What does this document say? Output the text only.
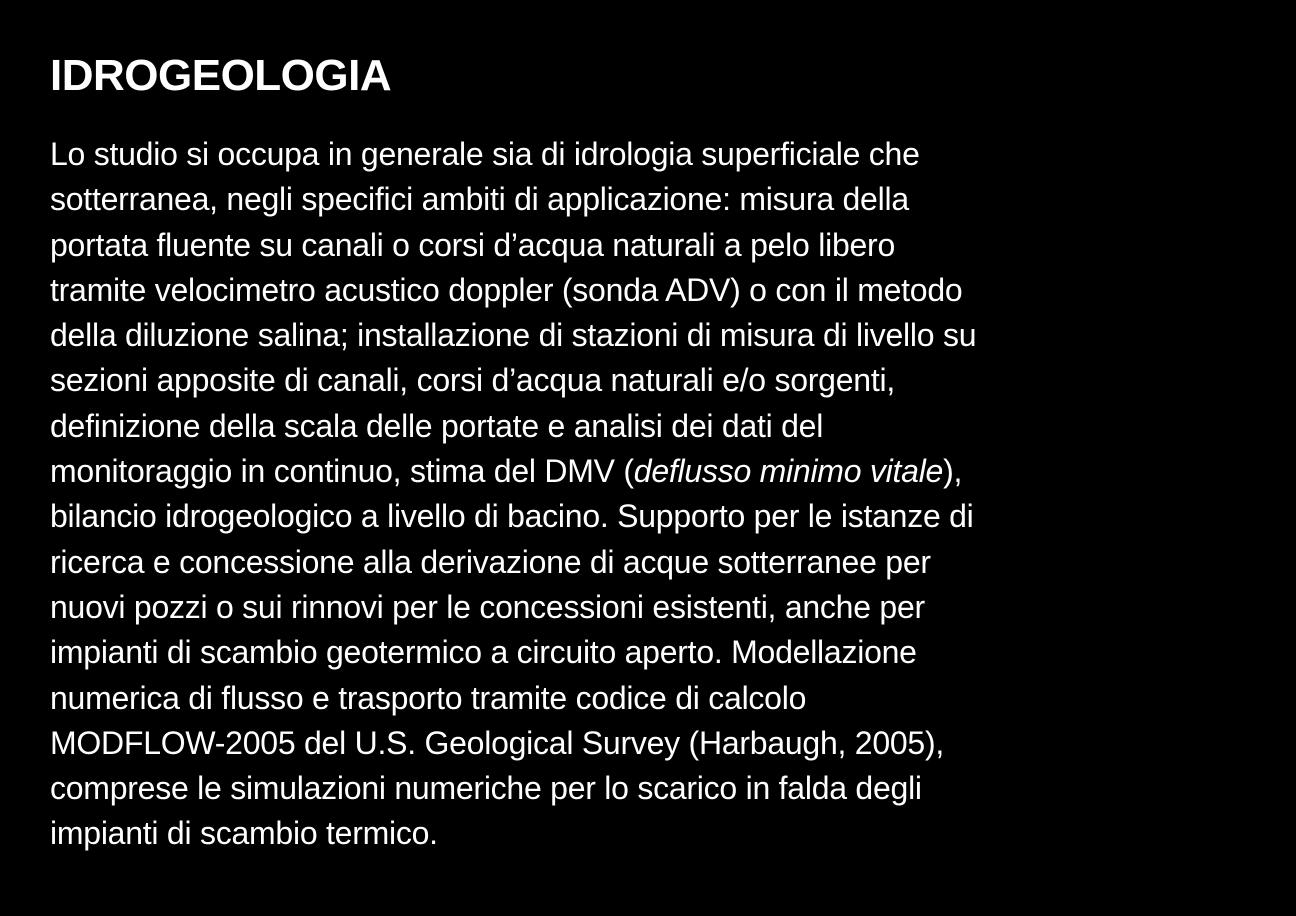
IDROGEOLOGIA

Lo studio si occupa in generale sia di idrologia superficiale che
sotterranea, negli specifici ambiti di applicazione: misura della
portata fluente su canali o corsi d’acqua naturali a pelo libero
tramite velocimetro acustico doppler (sonda ADV) o con il metodo
della diluzione salina; installazione di stazioni di misura di livello su
sezioni apposite di canali, corsi d’acqua naturali e/o sorgenti,
definizione della scala delle portate e analisi dei dati del
monitoraggio in continuo, stima del DMV (deflusso minimo vitale),
bilancio idrogeologico a livello di bacino. Supporto per le istanze di
ricerca e concessione alla derivazione di acque sotterranee per
nuovi pozzi o sui rinnovi per le concessioni esistenti, anche per
impianti di scambio geotermico a circuito aperto. Modellazione
numerica di flusso e trasporto tramite codice di calcolo
MODFLOW-2005 del U.S. Geological Survey (Harbaugh, 2005),
comprese le simulazioni numeriche per lo scarico in falda degli
impianti di scambio termico.
